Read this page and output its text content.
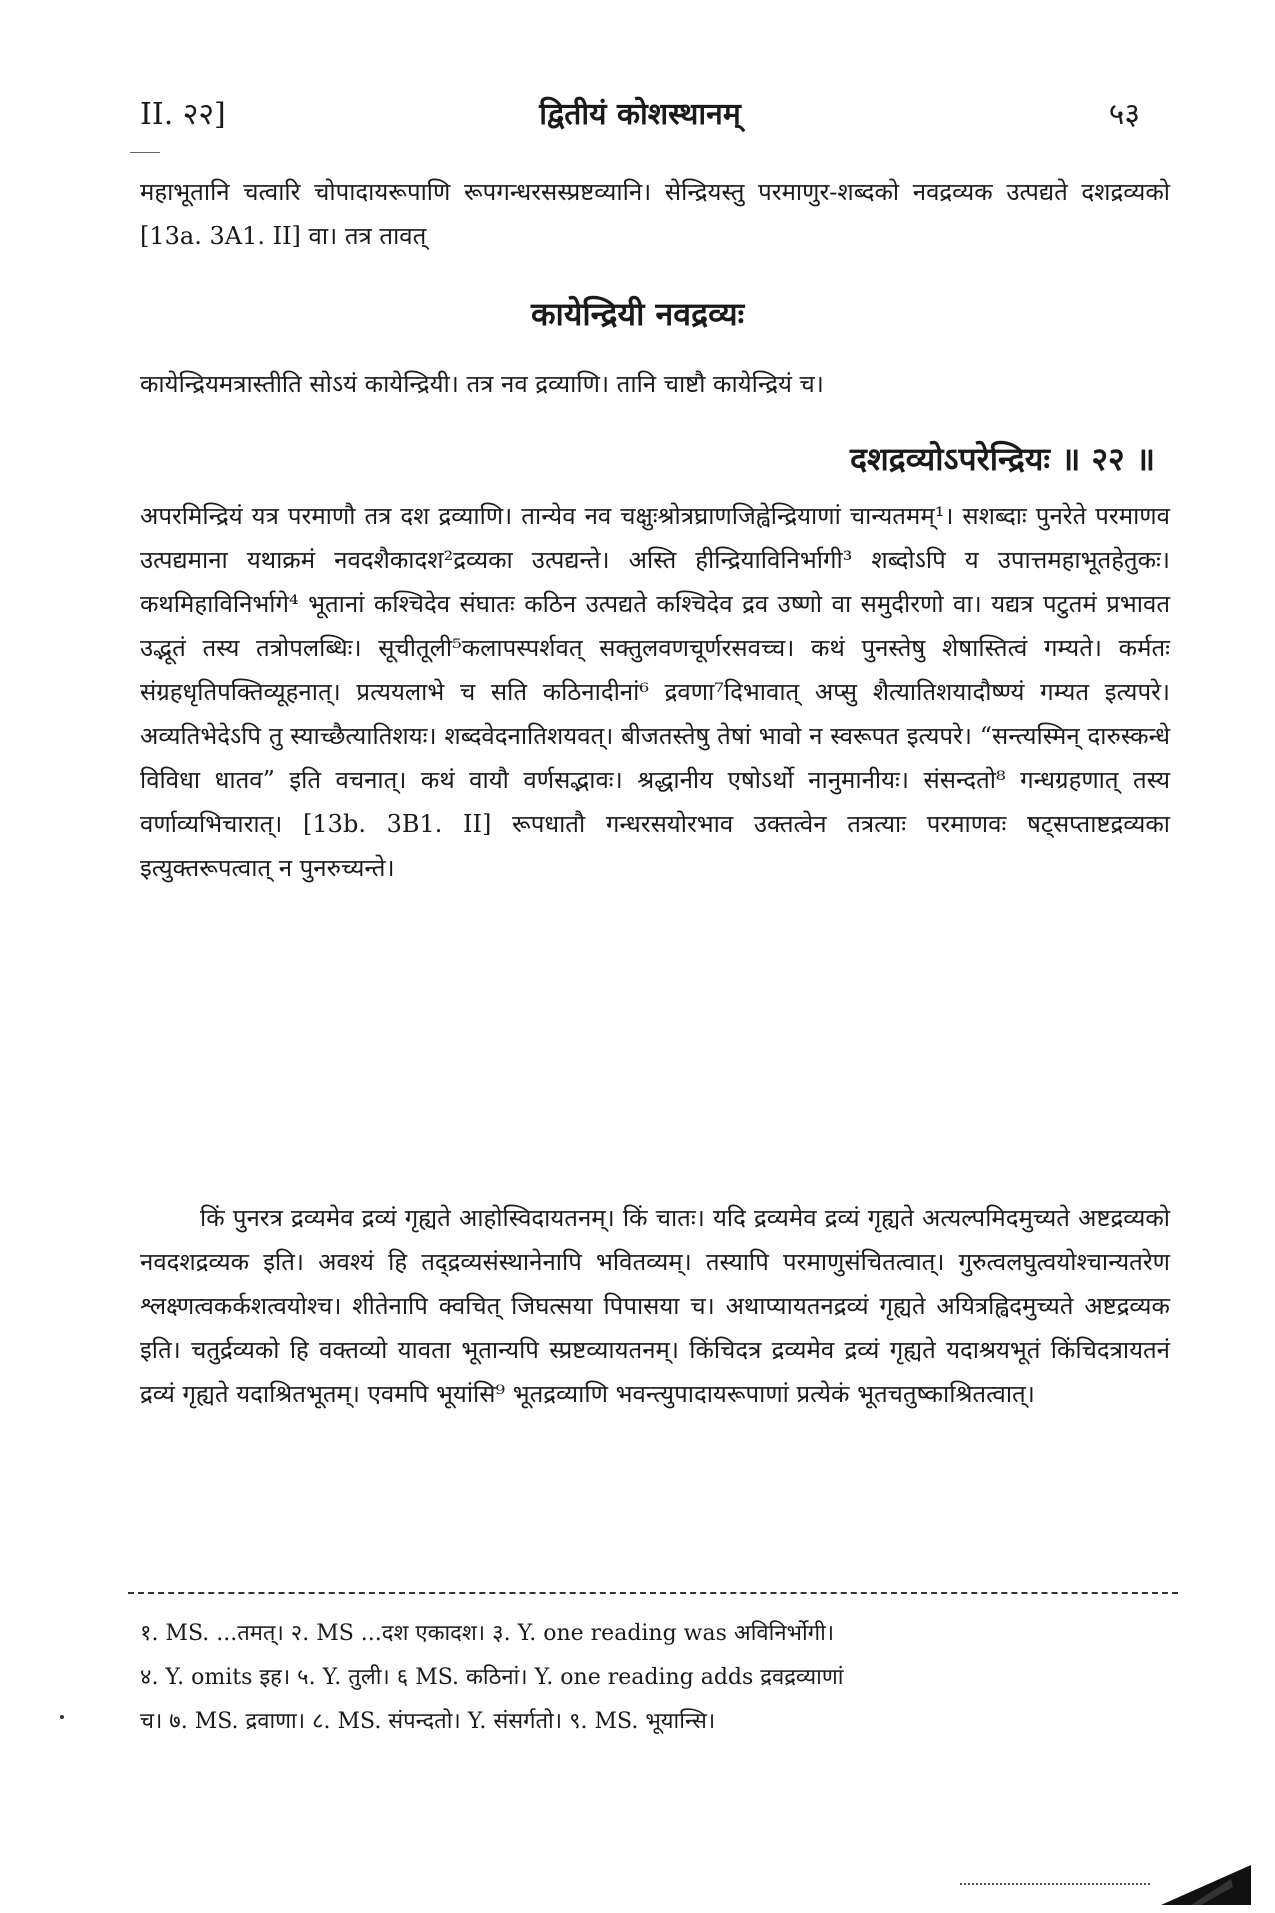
II. २२]	द्वितीयं कोशस्थानम्	५३
महाभूतानि चत्वारि चोपादायरूपाणि रूपगन्धरसस्प्रष्टव्यानि। सेन्द्रियस्तु परमाणुर-शब्दको नवद्रव्यक उत्पद्यते दशद्रव्यको [13a. 3A1. II] वा। तत्र तावत्
कायेन्द्रियी नवद्रव्यः
कायेन्द्रियमत्रास्तीति सोऽयं कायेन्द्रियी। तत्र नव द्रव्याणि। तानि चाष्टौ कायेन्द्रियं च।
दशद्रव्योऽपरेन्द्रियः ॥ २२ ॥
अपरमिन्द्रियं यत्र परमाणौ तत्र दश द्रव्याणि। तान्येव नव चक्षुःश्रोत्रघ्राणजिह्वेन्द्रियाणां चान्यतमम्¹। सशब्दाः पुनरेते परमाणव उत्पद्यमाना यथाक्रमं नवदशैकादश²द्रव्यका उत्पद्यन्ते। अस्ति हीन्द्रियाविनिर्भागी³ शब्दोऽपि य उपात्तमहाभूतहेतुकः। कथमिहाविनिर्भागे⁴ भूतानां कश्चिदेव संघातः कठिन उत्पद्यते कश्चिदेव द्रव उष्णो वा समुदीरणो वा। यद्यत्र पटुतमं प्रभावत उद्भूतं तस्य तत्रोपलब्धिः। सूचीतूली⁵कलापस्पर्शवत् सक्तुलवणचूर्णरसवच्च। कथं पुनस्तेषु शेषास्तित्वं गम्यते। कर्मतः संग्रहधृतिपक्तिव्यूहनात्। प्रत्ययलाभे च सति कठिनादीनां⁶ द्रवणा⁷दिभावात् अप्सु शैत्यातिशयादौष्ण्यं गम्यत इत्यपरे। अव्यतिभेदेऽपि तु स्याच्छैत्यातिशयः। शब्दवेदनातिशयवत्। बीजतस्तेषु तेषां भावो न स्वरूपत इत्यपरे। “सन्त्यस्मिन् दारुस्कन्धे विविधा धातव” इति वचनात्। कथं वायौ वर्णसद्भावः। श्रद्धानीय एषोऽर्थो नानुमानीयः। संसन्दतो⁸ गन्धग्रहणात् तस्य वर्णाव्यभिचारात्। [13b. 3B1. II] रूपधातौ गन्धरसयोरभाव उक्तत्वेन तत्रत्याः परमाणवः षट्सप्ताष्टद्रव्यका इत्युक्तरूपत्वात् न पुनरुच्यन्ते।
किं पुनरत्र द्रव्यमेव द्रव्यं गृह्यते आहोस्विदायतनम्। किं चातः। यदि द्रव्यमेव द्रव्यं गृह्यते अत्यल्पमिदमुच्यते अष्टद्रव्यको नवदशद्रव्यक इति। अवश्यं हि तद्द्रव्यसंस्थानेनापि भवितव्यम्। तस्यापि परमाणुसंचितत्वात्। गुरुत्वलघुत्वयोश्चान्यतरेण श्लक्ष्णत्वकर्कशत्वयोश्च। शीतेनापि क्वचित् जिघत्सया पिपासया च। अथाप्यायतनद्रव्यं गृह्यते अयित्रह्विदमुच्यते अष्टद्रव्यक इति। चतुर्द्रव्यको हि वक्तव्यो यावता भूतान्यपि स्प्रष्टव्यायतनम्। किंचिदत्र द्रव्यमेव द्रव्यं गृह्यते यदाश्रयभूतं किंचिदत्रायतनं द्रव्यं गृह्यते यदाश्रितभूतम्। एवमपि भूयांसि⁹ भूतद्रव्याणि भवन्त्युपादायरूपाणां प्रत्येकं भूतचतुष्काश्रितत्वात्।
१. MS. ...तमत्। २. MS ...दश एकादश। ३. Y. one reading was अविनिर्भोगी।
४. Y. omits इह। ५. Y. तुली। ६ MS. कठिनां। Y. one reading adds द्रवद्रव्याणां
च। ७. MS. द्रवाणा। ८. MS. संपन्दतो। Y. संसर्गतो। ९. MS. भूयान्सि।
